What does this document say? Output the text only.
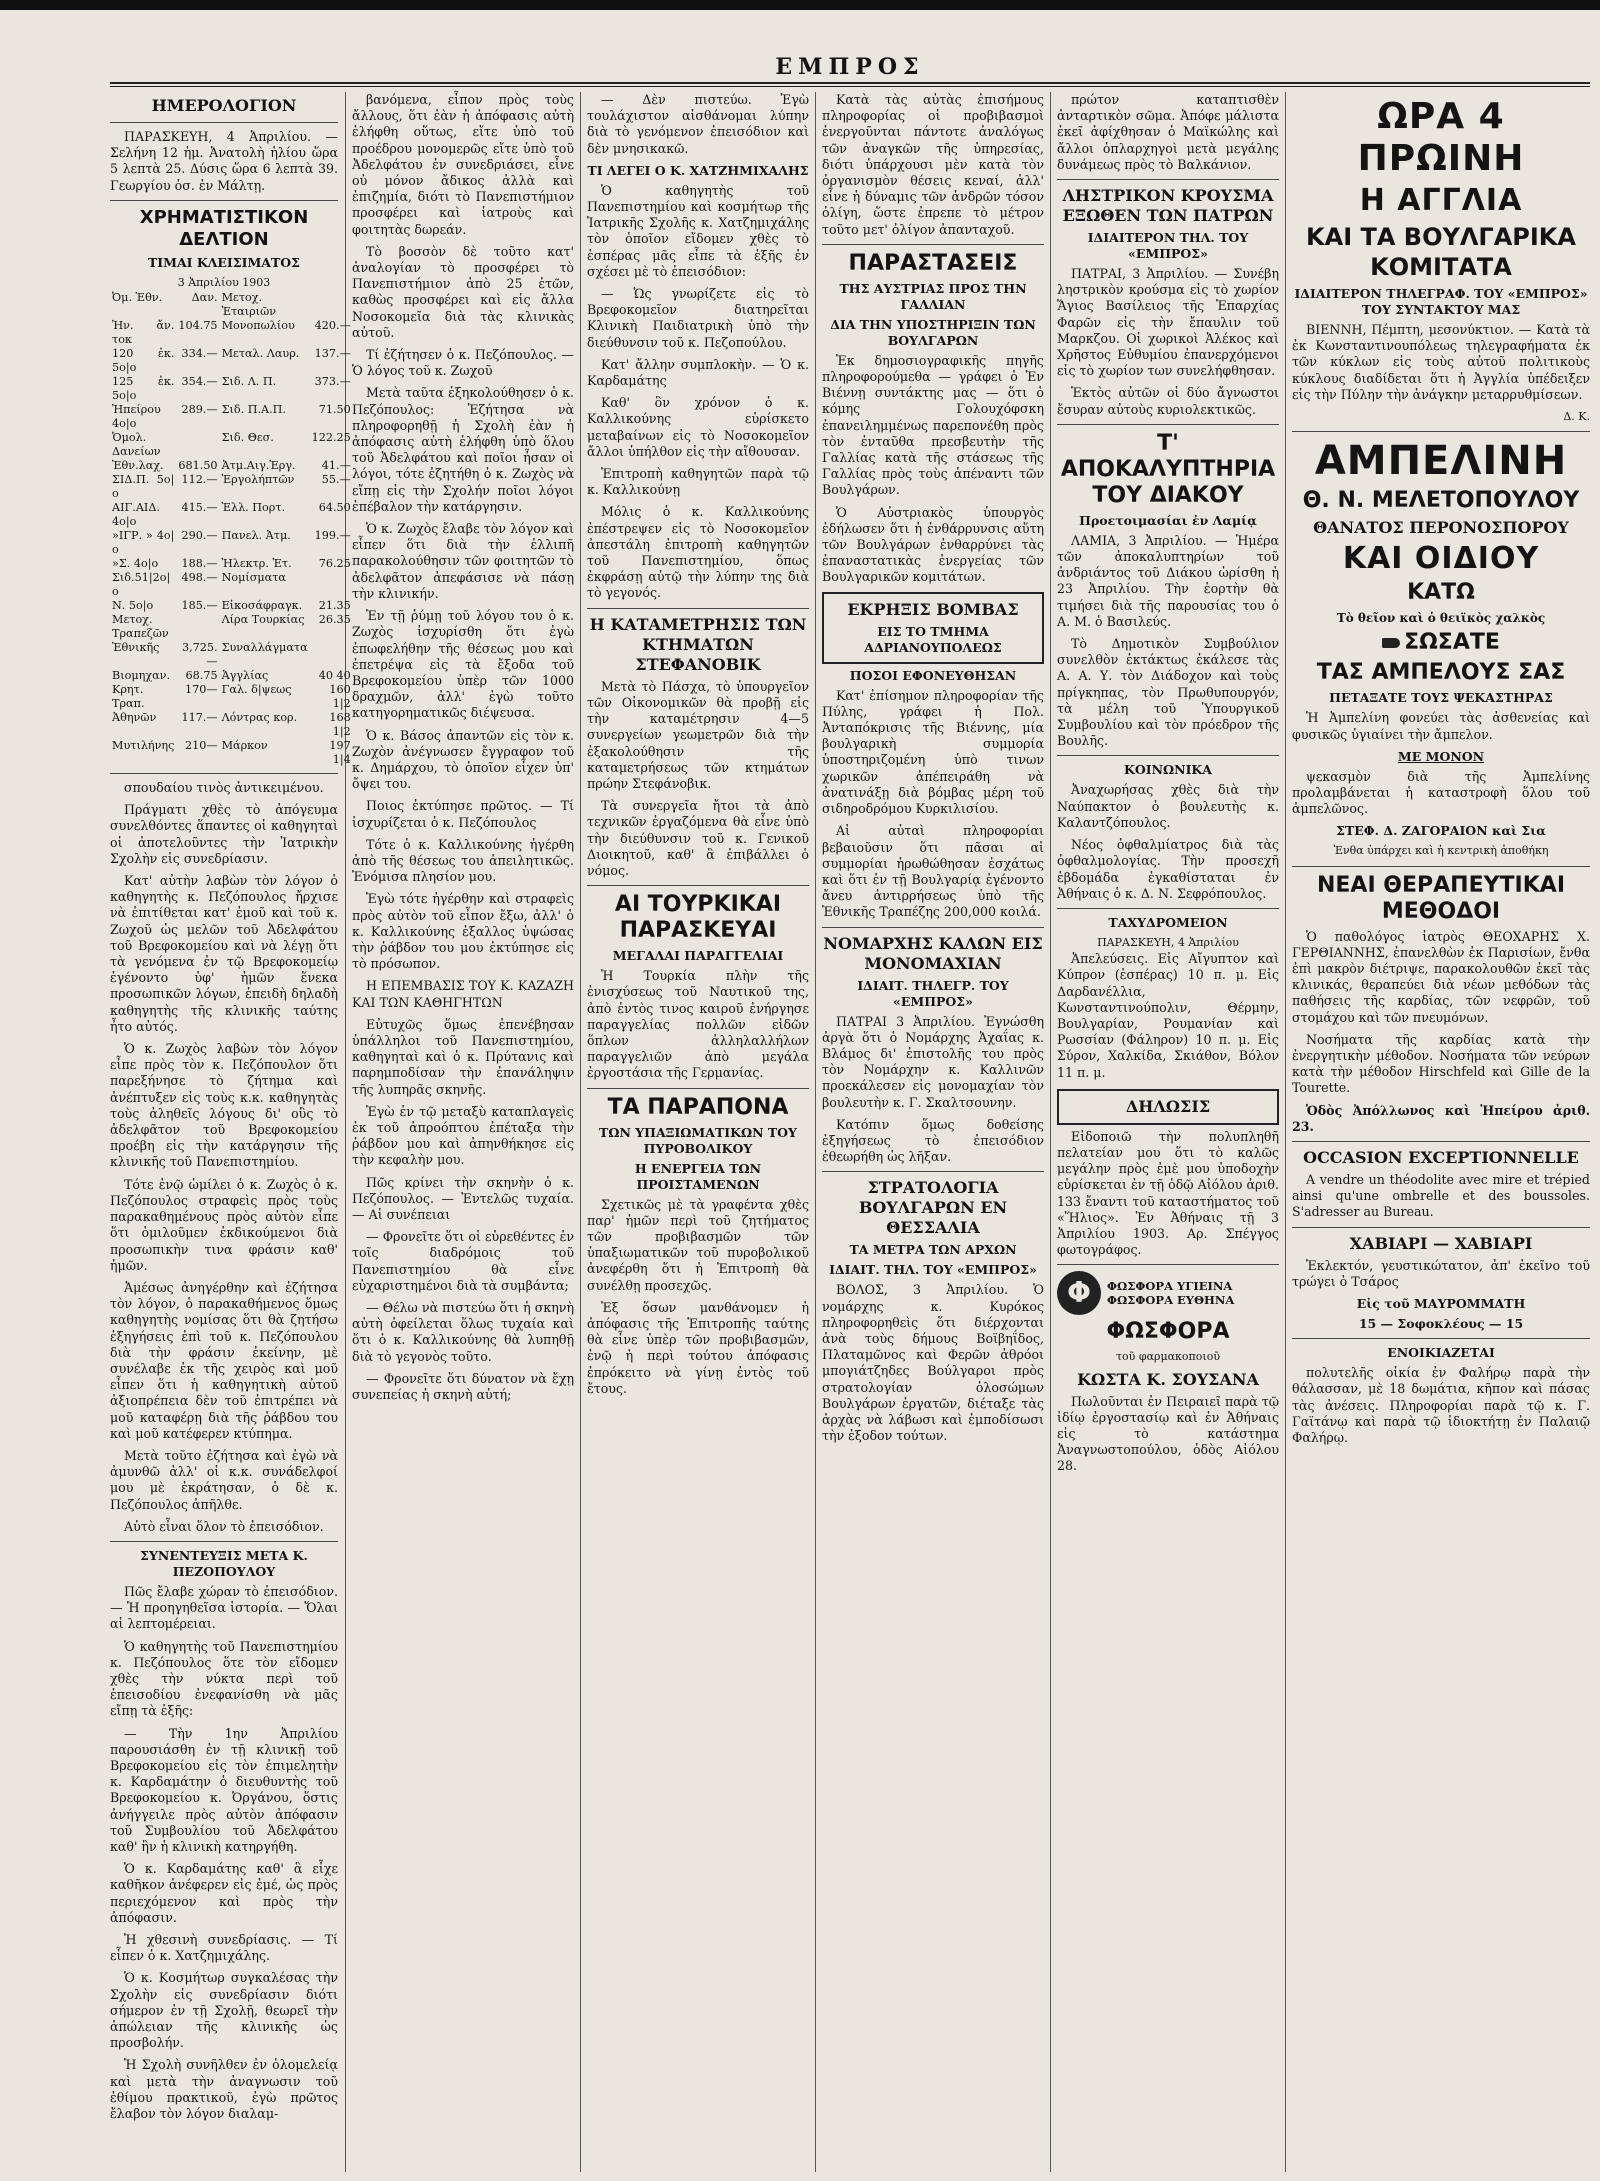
ΕΜΠΡΟΣ
ΗΜΕΡΟΛΟΓΙΟΝ

ΠΑΡΑΣΚΕΥΗ, 4 Ἀπριλίου. — Σελήνη 12 ἡμ. Ἀνατολὴ ἡλίου ὥρα 5 λεπτὰ 25. Δύσις ὥρα 6 λεπτὰ 39. Γεωργίου ὁσ. ἐν Μάλτῃ.

ΧΡΗΜΑΤΙΣΤΙΚΟΝ ΔΕΛΤΙΟΝ
ΤΙΜΑΙ ΚΛΕΙΣΙΜΑΤΟΣ
3 Ἀπριλίου 1903
Ὀμ. Ἐθν.	Δαν.	Μετοχ. Ἑταιριῶν	
Ἠν. ἄν. τοκ	104.75	Μονοπωλίου	420.—
120 ἐκ. 5ο|ο	334.—	Μεταλ. Λαυρ.	137.—
125 ἐκ. 5ο|ο	354.—	Σιδ. Λ. Π.	373.—
Ἠπείρου 4ο|ο	289.—	Σιδ. Π.Α.Π.	71.50
Ὁμολ. Δανείων		Σιδ. Θεσ.	122.25
Ἐθν.λαχ.	681.50	Ἀτμ.Αιγ.Ἑργ.	41.—
ΣΙΔ.Π. 5ο|ο	112.—	Ἐργολήπτῶν	55.—
ΑΙΓ.ΑΙΔ. 4ο|ο	415.—	Ἑλλ. Πορτ.	64.50
»ΙΓΡ. » 4ο|ο	290.—	Πανελ. Ἀτμ.	199.—
»Σ. 4ο|ο	188.—	Ἠλεκτρ. Ἑτ.	76.25
Σιδ.51|2ο|ο	498.—	Νομίσματα	
Ν. 5ο|ο	185.—	Εἰκοσάφραγκ.	21.35
Μετοχ. Τραπεζῶν		Λίρα Τουρκίας	26.35
Ἐθνικῆς	3,725.—	Συναλλάγματα	
Βιομηχαν.	68.75	Ἀγγλίας	40 40
Κρητ. Τραπ.	170—	Γαλ. δ|ψεως	160 1|2
Ἀθηνῶν	117.—	Λόντρας κορ.	168 1|2
Μυτιλήνης	210—	Μάρκον	197 1|4

σπουδαίου τινὸς ἀντικειμένου.

Πράγματι χθὲς τὸ ἀπόγευμα συνελθόντες ἅπαντες οἱ καθηγηταὶ οἱ ἀποτελοῦντες τὴν Ἰατρικὴν Σχολὴν εἰς συνεδρίασιν.

Κατ' αὐτὴν λαβὼν τὸν λόγον ὁ καθηγητὴς κ. Πεζόπουλος ἤρχισε νὰ ἐπιτίθεται κατ' ἐμοῦ καὶ τοῦ κ. Ζωχοῦ ὡς μελῶν τοῦ Ἀδελφάτου τοῦ Βρεφοκομείου καὶ νὰ λέγῃ ὅτι τὰ γενόμενα ἐν τῷ Βρεφοκομείῳ ἐγένοντο ὑφ' ἡμῶν ἕνεκα προσωπικῶν λόγων, ἐπειδὴ δηλαδὴ καθηγητὴς τῆς κλινικῆς ταύτης ἦτο αὐτός.

Ὁ κ. Ζωχὸς λαβὼν τὸν λόγον εἶπε πρὸς τὸν κ. Πεζόπουλον ὅτι παρεξήνησε τὸ ζήτημα καὶ ἀνέπτυξεν εἰς τοὺς κ.κ. καθηγητὰς τοὺς ἀληθεῖς λόγους δι' οὓς τὸ ἀδελφᾶτον τοῦ Βρεφοκομείου προέβη εἰς τὴν κατάργησιν τῆς κλινικῆς τοῦ Πανεπιστημίου.

Τότε ἐνῷ ὡμίλει ὁ κ. Ζωχὸς ὁ κ. Πεζόπουλος στραφεὶς πρὸς τοὺς παρακαθημένους πρὸς αὐτὸν εἶπε ὅτι ὁμιλοῦμεν ἐκδικούμενοι διὰ προσωπικὴν τινα φράσιν καθ' ἡμῶν.

Ἀμέσως ἀνηγέρθην καὶ ἐζήτησα τὸν λόγον, ὁ παρακαθήμενος ὅμως καθηγητὴς νομίσας ὅτι θὰ ζητήσω ἐξηγήσεις ἐπὶ τοῦ κ. Πεζόπουλου διὰ τὴν φράσιν ἐκείνην, μὲ συνέλαβε ἐκ τῆς χειρὸς καὶ μοῦ εἶπεν ὅτι ἡ καθηγητικὴ αὐτοῦ ἀξιοπρέπεια δὲν τοῦ ἐπιτρέπει νὰ μοῦ καταφέρῃ διὰ τῆς ῥάβδου του καὶ μοῦ κατέφερεν κτύπημα.

Μετὰ τοῦτο ἐζήτησα καὶ ἐγὼ νὰ ἀμυνθῶ ἀλλ' οἱ κ.κ. συνάδελφοί μου μὲ ἐκράτησαν, ὁ δὲ κ. Πεζόπουλος ἀπῆλθε.

Αὐτὸ εἶναι ὅλον τὸ ἐπεισόδιον.

ΣΥΝΕΝΤΕΥΞΙΣ ΜΕΤΑ Κ. ΠΕΖΟΠΟΥΛΟΥ

Πῶς ἔλαβε χώραν τὸ ἐπεισόδιον. — Ἡ προηγηθεῖσα ἱστορία. — Ὅλαι αἱ λεπτομέρειαι.

Ὁ καθηγητὴς τοῦ Πανεπιστημίου κ. Πεζόπουλος ὅτε τὸν εἴδομεν χθὲς τὴν νύκτα περὶ τοῦ ἐπεισοδίου ἐνεφανίσθη νὰ μᾶς εἴπῃ τὰ ἑξῆς:

— Τὴν 1ην Ἀπριλίου παρουσιάσθη ἐν τῇ κλινικῇ τοῦ Βρεφοκομείου εἰς τὸν ἐπιμελητὴν κ. Καρδαμάτην ὁ διευθυντὴς τοῦ Βρεφοκομείου κ. Ὀργάνου, ὅστις ἀνήγγειλε πρὸς αὐτὸν ἀπόφασιν τοῦ Συμβουλίου τοῦ Ἀδελφάτου καθ' ἣν ἡ κλινικὴ κατηργήθη.

Ὁ κ. Καρδαμάτης καθ' ἃ εἶχε καθῆκον ἀνέφερεν εἰς ἐμέ, ὡς πρὸς περιεχόμενον καὶ πρὸς τὴν ἀπόφασιν.

Ἡ χθεσινὴ συνεδρίασις. — Τί εἶπεν ὁ κ. Χατζημιχάλης.

Ὁ κ. Κοσμήτωρ συγκαλέσας τὴν Σχολὴν εἰς συνεδρίασιν διότι σήμερον ἐν τῇ Σχολῇ, θεωρεῖ τὴν ἀπώλειαν τῆς κλινικῆς ὡς προσβολήν.

Ἡ Σχολὴ συνῆλθεν ἐν ὁλομελείᾳ καὶ μετὰ τὴν ἀναγνωσιν τοῦ ἐθίμου πρακτικοῦ, ἐγὼ πρῶτος ἔλαβον τὸν λόγον διαλαμ-

βανόμενα, εἶπον πρὸς τοὺς ἄλλους, ὅτι ἐὰν ἡ ἀπόφασις αὐτὴ ἐλήφθη οὕτως, εἴτε ὑπὸ τοῦ προέδρου μονομερῶς εἴτε ὑπὸ τοῦ Ἀδελφάτου ἐν συνεδριάσει, εἶνε οὐ μόνον ἄδικος ἀλλὰ καὶ ἐπιζημία, διότι τὸ Πανεπιστήμιον προσφέρει καὶ ἰατροὺς καὶ φοιτητὰς δωρεάν.

Τὸ βοσσὸν δὲ τοῦτο κατ' ἀναλογίαν τὸ προσφέρει τὸ Πανεπιστήμιον ἀπὸ 25 ἐτῶν, καθὼς προσφέρει καὶ εἰς ἄλλα Νοσοκομεῖα διὰ τὰς κλινικὰς αὐτοῦ.

Τί ἐζήτησεν ὁ κ. Πεζόπουλος. — Ὁ λόγος τοῦ κ. Ζωχοῦ

Μετὰ ταῦτα ἐξηκολούθησεν ὁ κ. Πεζόπουλος: Ἐζήτησα νὰ πληροφορηθῇ ἡ Σχολὴ ἐὰν ἡ ἀπόφασις αὐτὴ ἐλήφθη ὑπὸ ὅλου τοῦ Ἀδελφάτου καὶ ποῖοι ἦσαν οἱ λόγοι, τότε ἐζητήθη ὁ κ. Ζωχὸς νὰ εἴπῃ εἰς τὴν Σχολήν ποῖοι λόγοι ἐπέβαλον τὴν κατάργησιν.

Ὁ κ. Ζωχὸς ἔλαβε τὸν λόγον καὶ εἶπεν ὅτι διὰ τὴν ἐλλιπῆ παρακολούθησιν τῶν φοιτητῶν τὸ ἀδελφᾶτον ἀπεφάσισε νὰ πάσῃ τὴν κλινικήν.

Ἐν τῇ ῥύμῃ τοῦ λόγου του ὁ κ. Ζωχὸς ἰσχυρίσθη ὅτι ἐγὼ ἐπωφελήθην τῆς θέσεως μου καὶ ἐπετρέψα εἰς τὰ ἔξοδα τοῦ Βρεφοκομείου ὑπὲρ τῶν 1000 δραχμῶν, ἀλλ' ἐγὼ τοῦτο κατηγορηματικῶς διέψευσα.

Ὁ κ. Βάσος ἀπαντῶν εἰς τὸν κ. Ζωχὸν ἀνέγνωσεν ἔγγραφον τοῦ κ. Δημάρχου, τὸ ὁποῖον εἶχεν ὑπ' ὄψει του.

Ποιος ἐκτύπησε πρῶτος. — Τί ἰσχυρίζεται ὁ κ. Πεζόπουλος

Τότε ὁ κ. Καλλικούνης ἠγέρθη ἀπὸ τῆς θέσεως του ἀπειλητικῶς. Ἐνόμισα πλησίον μου.

Ἐγὼ τότε ἠγέρθην καὶ στραφεὶς πρὸς αὐτὸν τοῦ εἶπον ἔξω, ἀλλ' ὁ κ. Καλλικούνης ἐξαλλος ὑψώσας τὴν ῥάβδον του μου ἐκτύπησε εἰς τὸ πρόσωπον.

Η ΕΠΕΜΒΑΣΙΣ ΤΟΥ Κ. ΚΑΖΑΖΗ ΚΑΙ ΤΩΝ ΚΑΘΗΓΗΤΩΝ

Εὐτυχῶς ὅμως ἐπενέβησαν ὑπάλληλοι τοῦ Πανεπιστημίου, καθηγηταὶ καὶ ὁ κ. Πρύτανις καὶ παρημποδίσαν τὴν ἐπανάληψιν τῆς λυπηρᾶς σκηνῆς.

Ἐγὼ ἐν τῷ μεταξὺ καταπλαγεὶς ἐκ τοῦ ἀπροόπτου ἐπέταξα τὴν ῥάβδον μου καὶ ἀπηνθήκησε εἰς τὴν κεφαλὴν μου.

Πῶς κρίνει τὴν σκηνὴν ὁ κ. Πεζόπουλος. — Ἐντελῶς τυχαία. — Αἱ συνέπειαι

— Φρονεῖτε ὅτι οἱ εὑρεθέντες ἐν τοῖς διαδρόμοις τοῦ Πανεπιστημίου θὰ εἶνε εὐχαριστημένοι διὰ τὰ συμβάντα;

— Θέλω νὰ πιστεύω ὅτι ἡ σκηνὴ αὐτὴ ὀφείλεται ὅλως τυχαία καὶ ὅτι ὁ κ. Καλλικούνης θὰ λυπηθῇ διὰ τὸ γεγονὸς τοῦτο.

— Φρονεῖτε ὅτι δύνατον νὰ ἔχῃ συνεπείας ἡ σκηνὴ αὐτή;

— Δὲν πιστεύω. Ἐγὼ τουλάχιστον αἰσθάνομαι λύπην διὰ τὸ γενόμενον ἐπεισόδιον καὶ δὲν μνησικακῶ.

ΤΙ ΛΕΓΕΙ Ο Κ. ΧΑΤΖΗΜΙΧΑΛΗΣ

Ὁ καθηγητὴς τοῦ Πανεπιστημίου καὶ κοσμήτωρ τῆς Ἰατρικῆς Σχολῆς κ. Χατζημιχάλης τὸν ὁποῖον εἴδομεν χθὲς τὸ ἑσπέρας μᾶς εἶπε τὰ ἑξῆς ἐν σχέσει μὲ τὸ ἐπεισόδιον:

— Ὡς γνωρίζετε εἰς τὸ Βρεφοκομεῖον διατηρεῖται Κλινικὴ Παιδιατρικὴ ὑπὸ τὴν διεύθυνσιν τοῦ κ. Πεζοπούλου.

Κατ' ἄλλην συμπλοκὴν. — Ὁ κ. Καρδαμάτης

Καθ' ὃν χρόνον ὁ κ. Καλλικούνης εὑρίσκετο μεταβαίνων εἰς τὸ Νοσοκομεῖον ἄλλοι ὑπήλθον εἰς τὴν αἴθουσαν.

Ἐπιτροπὴ καθηγητῶν παρὰ τῷ κ. Καλλικούνῃ

Μόλις ὁ κ. Καλλικούνης ἐπέστρεψεν εἰς τὸ Νοσοκομεῖον ἀπεστάλη ἐπιτροπὴ καθηγητῶν τοῦ Πανεπιστημίου, ὅπως ἐκφράσῃ αὐτῷ τὴν λύπην της διὰ τὸ γεγονός.

Η ΚΑΤΑΜΕΤΡΗΣΙΣ ΤΩΝ ΚΤΗΜΑΤΩΝ ΣΤΕΦΑΝΟΒΙΚ

Μετὰ τὸ Πάσχα, τὸ ὑπουργεῖον τῶν Οἰκονομικῶν θὰ προβῇ εἰς τὴν καταμέτρησιν 4—5 συνεργείων γεωμετρῶν διὰ τὴν ἐξακολούθησιν τῆς καταμετρήσεως τῶν κτημάτων πρώην Στεφάνοβικ.

Τὰ συνεργεῖα ἤτοι τὰ ἀπὸ τεχνικῶν ἐργαζόμενα θὰ εἶνε ὑπὸ τὴν διεύθυνσιν τοῦ κ. Γενικοῦ Διοικητοῦ, καθ' ἃ ἐπιβάλλει ὁ νόμος.

ΑΙ ΤΟΥΡΚΙΚΑΙ ΠΑΡΑΣΚΕΥΑΙ
ΜΕΓΑΛΑΙ ΠΑΡΑΓΓΕΛΙΑΙ

Ἡ Τουρκία πλὴν τῆς ἐνισχύσεως τοῦ Ναυτικοῦ της, ἀπὸ ἐντὸς τινος καιροῦ ἐνήργησε παραγγελίας πολλῶν εἰδῶν ὅπλων ἀλληλαλλήλων παραγγελιῶν ἀπὸ μεγάλα ἐργοστάσια τῆς Γερμανίας.

ΤΑ ΠΑΡΑΠΟΝΑ
ΤΩΝ ΥΠΑΞΙΩΜΑΤΙΚΩΝ ΤΟΥ ΠΥΡΟΒΟΛΙΚΟΥ
Η ΕΝΕΡΓΕΙΑ ΤΩΝ ΠΡΟΙΣΤΑΜΕΝΩΝ

Σχετικῶς μὲ τὰ γραφέντα χθὲς παρ' ἡμῶν περὶ τοῦ ζητήματος τῶν προβιβασμῶν τῶν ὑπαξιωματικῶν τοῦ πυροβολικοῦ ἀνεφέρθη ὅτι ἡ Ἐπιτροπὴ θὰ συνέλθῃ προσεχῶς.

Ἐξ ὅσων μανθάνομεν ἡ ἀπόφασις τῆς Ἐπιτροπῆς ταύτης θὰ εἶνε ὑπὲρ τῶν προβιβασμῶν, ἐνῷ ἡ περὶ τούτου ἀπόφασις ἐπρόκειτο νὰ γίνῃ ἐντὸς τοῦ ἔτους.

Κατὰ τὰς αὐτὰς ἐπισήμους πληροφορίας οἱ προβιβασμοὶ ἐνεργοῦνται πάντοτε ἀναλόγως τῶν ἀναγκῶν τῆς ὑπηρεσίας, διότι ὑπάρχουσι μὲν κατὰ τὸν ὀργανισμὸν θέσεις κεναί, ἀλλ' εἶνε ἡ δύναμις τῶν ἀνδρῶν τόσον ὀλίγη, ὥστε ἐπρεπε τὸ μέτρον τοῦτο μετ' ὀλίγον ἀπανταχοῦ.

ΠΑΡΑΣΤΑΣΕΙΣ
ΤΗΣ ΑΥΣΤΡΙΑΣ ΠΡΟΣ ΤΗΝ ΓΑΛΛΙΑΝ
ΔΙΑ ΤΗΝ ΥΠΟΣΤΗΡΙΞΙΝ ΤΩΝ ΒΟΥΛΓΑΡΩΝ

Ἐκ δημοσιογραφικῆς πηγῆς πληροφορούμεθα — γράφει ὁ Ἐν Βιέννῃ συντάκτης μας — ὅτι ὁ κόμης Γολουχόφσκη ἐπανειλημμένως παρεπονέθη πρὸς τὸν ἐνταῦθα πρεσβευτὴν τῆς Γαλλίας κατὰ τῆς στάσεως τῆς Γαλλίας πρὸς τοὺς ἀπέναντι τῶν Βουλγάρων.

Ὁ Αὐστριακὸς ὑπουργὸς ἐδήλωσεν ὅτι ἡ ἐνθάρρυνσις αὕτη τῶν Βουλγάρων ἐνθαρρύνει τὰς ἐπαναστατικὰς ἐνεργείας τῶν Βουλγαρικῶν κομιτάτων.

ΕΚΡΗΞΙΣ ΒΟΜΒΑΣ
ΕΙΣ ΤΟ ΤΜΗΜΑ ΑΔΡΙΑΝΟΥΠΟΛΕΩΣ
ΠΟΣΟΙ ΕΦΟΝΕΥΘΗΣΑΝ

Κατ' ἐπίσημον πληροφορίαν τῆς Πύλης, γράφει ἡ Πολ. Ἀνταπόκρισις τῆς Βιέννης, μία βουλγαρικὴ συμμορία ὑποστηριζομένη ὑπὸ τινων χωρικῶν ἀπέπειράθη νὰ ἀνατινάξῃ διὰ βόμβας μέρη τοῦ σιδηροδρόμου Κυρκιλισίου.

Αἱ αὐταὶ πληροφορίαι βεβαιοῦσιν ὅτι πᾶσαι αἱ συμμορίαι ἠρωθώθησαν ἐσχάτως καὶ ὅτι ἐν τῇ Βουλγαρίᾳ ἐγένοντο ἄνευ ἀντιρρήσεως ὑπὸ τῆς Ἐθνικῆς Τραπέζης 200,000 κοιλά.

ΝΟΜΑΡΧΗΣ ΚΑΛΩΝ ΕΙΣ ΜΟΝΟΜΑΧΙΑΝ
ΙΔΙΑΙΤ. ΤΗΛΕΓΡ. ΤΟΥ «ΕΜΠΡΟΣ»

ΠΑΤΡΑΙ 3 Ἀπριλίου. Ἐγνώσθη ἀργὰ ὅτι ὁ Νομάρχης Ἀχαΐας κ. Βλάμος δι' ἐπιστολῆς του πρὸς τὸν Νομάρχην κ. Καλλινῶν προεκάλεσεν εἰς μονομαχίαν τὸν βουλευτὴν κ. Γ. Σκαλτσουνην.

Κατόπιν ὅμως δοθείσης ἐξηγήσεως τὸ ἐπεισόδιον ἐθεωρήθη ὡς λῆξαν.

ΣΤΡΑΤΟΛΟΓΙΑ ΒΟΥΛΓΑΡΩΝ ΕΝ ΘΕΣΣΑΛΙΑ
ΤΑ ΜΕΤΡΑ ΤΩΝ ΑΡΧΩΝ
ΙΔΙΑΙΤ. ΤΗΛ. ΤΟΥ «ΕΜΠΡΟΣ»

ΒΟΛΟΣ, 3 Ἀπριλίου. Ὁ νομάρχης κ. Κυρόκος πληροφορηθεὶς ὅτι διέρχονται ἀνὰ τοὺς δήμους Βοϊβηΐδος, Πλαταμῶνος καὶ Φερῶν ἀθρόοι μπογιάτζηδες Βούλγαροι πρὸς στρατολογίαν ὁλοσώμων Βουλγάρων ἐργατῶν, διέταξε τὰς ἀρχὰς νὰ λάβωσι καὶ ἐμποδίσωσι τὴν ἐξοδον τούτων.

πρώτον καταπτισθὲν ἀνταρτικὸν σῶμα. Ἀπόφε μάλιστα ἐκεῖ ἀφίχθησαν ὁ Μαϊκώλης καὶ ἄλλοι ὁπλαρχηγοὶ μετὰ μεγάλης δυνάμεως πρὸς τὸ Βαλκάνιον.

ΛΗΣΤΡΙΚΟΝ ΚΡΟΥΣΜΑ ΕΞΩΘΕΝ ΤΩΝ ΠΑΤΡΩΝ
ΙΔΙΑΙΤΕΡΟΝ ΤΗΛ. ΤΟΥ «ΕΜΠΡΟΣ»

ΠΑΤΡΑΙ, 3 Ἀπριλίου. — Συνέβη ληστρικὸν κρούσμα εἰς τὸ χωρίον Ἅγιος Βασίλειος τῆς Ἐπαρχίας Φαρῶν εἰς τὴν ἔπαυλιν τοῦ Μαρκζου. Οἱ χωρικοὶ Ἀλέκος καὶ Χρῆστος Εὐθυμίου ἐπανερχόμενοι εἰς τὸ χωρίον των συνελήφθησαν.

Ἐκτὸς αὐτῶν οἱ δύο ἄγνωστοι ἔσυραν αὐτοὺς κυριολεκτικῶς.

Τ' ΑΠΟΚΑΛΥΠΤΗΡΙΑ ΤΟΥ ΔΙΑΚΟΥ
Προετοιμασίαι ἐν Λαμίᾳ

ΛΑΜΙΑ, 3 Ἀπριλίου. — Ἡμέρα τῶν ἀποκαλυπτηρίων τοῦ ἀνδριάντος τοῦ Διάκου ὡρίσθη ἡ 23 Ἀπριλίου. Τὴν ἑορτὴν θὰ τιμήσει διὰ τῆς παρουσίας του ὁ Α. Μ. ὁ Βασιλεύς.

Τὸ Δημοτικὸν Συμβούλιον συνελθὸν ἐκτάκτως ἐκάλεσε τὰς Α. Α. Υ. τὸν Διάδοχον καὶ τοὺς πρίγκηπας, τὸν Πρωθυπουργόν, τὰ μέλη τοῦ Ὑπουργικοῦ Συμβουλίου καὶ τὸν πρόεδρον τῆς Βουλῆς.

ΚΟΙΝΩΝΙΚΑ

Ἀναχωρήσας χθὲς διὰ τὴν Ναύπακτον ὁ βουλευτὴς κ. Καλαντζόπουλος.

Νέος ὀφθαλμίατρος διὰ τὰς ὀφθαλμολογίας. Τὴν προσεχῆ ἑβδομάδα ἐγκαθίσταται ἐν Ἀθήναις ὁ κ. Δ. Ν. Σεφρόπουλος.

ΤΑΧΥΔΡΟΜΕΙΟΝ
ΠΑΡΑΣΚΕΥΗ, 4 Ἀπριλίου

Ἀπελεύσεις. Εἰς Αἴγυπτον καὶ Κύπρον (ἑσπέρας) 10 π. μ. Εἰς Δαρδανέλλια, Κωνσταντινούπολιν, Θέρμην, Βουλγαρίαν, Ρουμανίαν καὶ Ρωσσίαν (Φάληρον) 10 π. μ. Εἰς Σύρον, Χαλκίδα, Σκιάθον, Βόλον 11 π. μ.

ΔΗΛΩΣΙΣ

Εἰδοποιῶ τὴν πολυπληθῆ πελατείαν μου ὅτι τὸ καλῶς μεγάλην πρὸς ἐμὲ μου ὑποδοχὴν εὑρίσκεται ἐν τῇ ὁδῷ Αἰόλου ἀριθ. 133 ἔναντι τοῦ καταστήματος τοῦ «Ἥλιος». Ἐν Ἀθήναις τῇ 3 Ἀπριλίου 1903. Αρ. Σπέγγος φωτογράφος.

Φ	ΦΩΣΦΟΡΑ ΥΓΙΕΙΝΑ
ΦΩΣΦΟΡΑ ΕΥΘΗΝΑ
ΦΩΣΦΟΡΑ
τοῦ φαρμακοποιοῦ
ΚΩΣΤΑ Κ. ΣΟΥΣΑΝΑ

Πωλοῦνται ἐν Πειραιεῖ παρὰ τῷ ἰδίῳ ἐργοστασίῳ καὶ ἐν Ἀθήναις εἰς τὸ κατάστημα Ἀναγνωστοπούλου, ὁδὸς Αἰόλου 28.

ΩΡΑ 4 ΠΡΩΙΝΗ
Η ΑΓΓΛΙΑ
ΚΑΙ ΤΑ ΒΟΥΛΓΑΡΙΚΑ ΚΟΜΙΤΑΤΑ
ΙΔΙΑΙΤΕΡΟΝ ΤΗΛΕΓΡΑΦ. ΤΟΥ «ΕΜΠΡΟΣ» ΤΟΥ ΣΥΝΤΑΚΤΟΥ ΜΑΣ

ΒΙΕΝΝΗ, Πέμπτη, μεσονύκτιον. — Κατὰ τὰ ἐκ Κωνσταντινουπόλεως τηλεγραφήματα ἐκ τῶν κύκλων εἰς τοὺς αὐτοῦ πολιτικοὺς κύκλους διαδίδεται ὅτι ἡ Ἀγγλία ὑπέδειξεν εἰς τὴν Πύλην τὴν ἀνάγκην μεταρρυθμίσεων.

Δ. Κ.
ΑΜΠΕΛΙΝΗ
Θ. Ν. ΜΕΛΕΤΟΠΟΥΛΟΥ
ΘΑΝΑΤΟΣ ΠΕΡΟΝΟΣΠΟΡΟΥ
ΚΑΙ ΟΙΔΙΟΥ
ΚΑΤΩ
Τὸ θεῖον καὶ ὁ θειϊκὸς χαλκὸς
ΣΩΣΑΤΕ
ΤΑΣ ΑΜΠΕΛΟΥΣ ΣΑΣ
ΠΕΤΑΞΑΤΕ ΤΟΥΣ ΨΕΚΑΣΤΗΡΑΣ

Ἡ Ἀμπελίνη φονεύει τὰς ἀσθενείας καὶ φυσικῶς ὑγιαίνει τὴν ἄμπελον.

ΜΕ ΜΟΝΟΝ

ψεκασμὸν διὰ τῆς Ἀμπελίνης προλαμβάνεται ἡ καταστροφὴ ὅλου τοῦ ἀμπελῶνος.

ΣΤΕΦ. Δ. ΖΑΓΟΡΑΙΟΝ καὶ Σια
Ἐνθα ὑπάρχει καὶ ἡ κεντρικὴ ἀποθήκη
ΝΕΑΙ ΘΕΡΑΠΕΥΤΙΚΑΙ ΜΕΘΟΔΟΙ

Ὁ παθολόγος ἰατρὸς ΘΕΟΧΑΡΗΣ Χ. ΓΕΡΘΙΑΝΝΗΣ, ἐπανελθὼν ἐκ Παρισίων, ἔνθα ἐπὶ μακρὸν διέτριψε, παρακολουθῶν ἐκεῖ τὰς κλινικάς, θεραπεύει διὰ νέων μεθόδων τὰς παθήσεις τῆς καρδίας, τῶν νεφρῶν, τοῦ στομάχου καὶ τῶν πνευμόνων.

Νοσήματα τῆς καρδίας κατὰ τὴν ἐνεργητικὴν μέθοδον. Νοσήματα τῶν νεύρων κατὰ τὴν μέθοδον Hirschfeld καὶ Gille de la Tourette.

Ὁδὸς Ἀπόλλωνος καὶ Ἡπείρου ἀριθ. 23.

OCCASION EXCEPTIONNELLE

A vendre un théodolite avec mire et trépied ainsi qu'une ombrelle et des boussoles. S'adresser au Bureau.

ΧΑΒΙΑΡΙ — ΧΑΒΙΑΡΙ

Ἐκλεκτόν, γευστικώτατον, ἀπ' ἐκεῖνο τοῦ τρώγει ὁ Τσάρος

Εἰς τοῦ ΜΑΥΡΟΜΜΑΤΗ
15 — Σοφοκλέους — 15
ΕΝΟΙΚΙΑΖΕΤΑΙ

πολυτελῆς οἰκία ἐν Φαλήρῳ παρὰ τὴν θάλασσαν, μὲ 18 δωμάτια, κῆπον καὶ πάσας τὰς ἀνέσεις. Πληροφορίαι παρὰ τῷ κ. Γ. Γαϊτάνῳ καὶ παρὰ τῷ ἰδιοκτήτῃ ἐν Παλαιῷ Φαλήρῳ.
